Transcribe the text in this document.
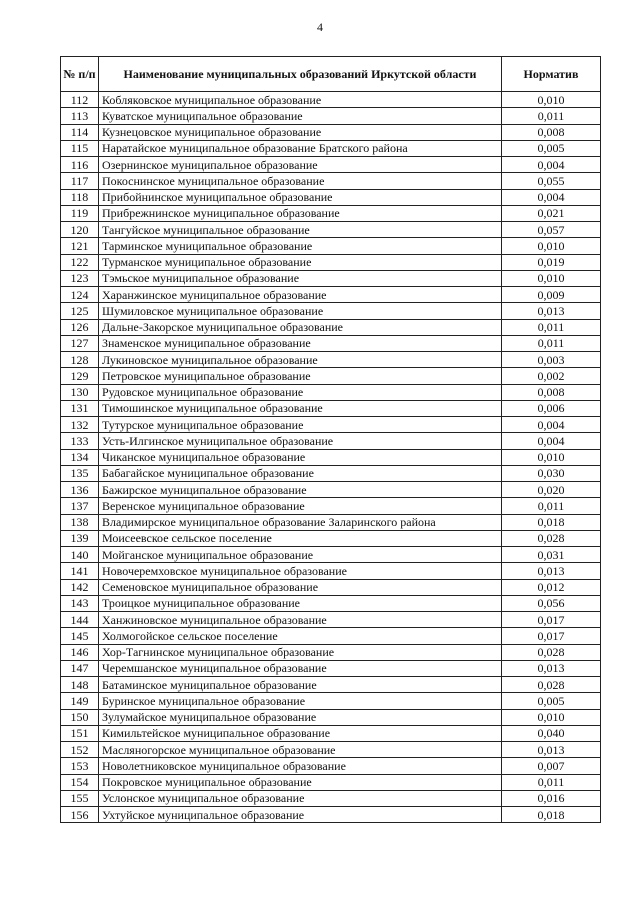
4
№ п/п	Наименование муниципальных образований Иркутской области	Норматив
112	Кобляковское муниципальное образование	0,010
113	Куватское муниципальное образование	0,011
114	Кузнецовское муниципальное образование	0,008
115	Наратайское муниципальное образование Братского района	0,005
116	Озернинское муниципальное образование	0,004
117	Покоснинское муниципальное образование	0,055
118	Прибойнинское муниципальное образование	0,004
119	Прибрежнинское муниципальное образование	0,021
120	Тангуйское муниципальное образование	0,057
121	Тарминское муниципальное образование	0,010
122	Турманское муниципальное образование	0,019
123	Тэмьское муниципальное образование	0,010
124	Харанжинское муниципальное образование	0,009
125	Шумиловское муниципальное образование	0,013
126	Дальне-Закорское муниципальное образование	0,011
127	Знаменское муниципальное образование	0,011
128	Лукиновское муниципальное образование	0,003
129	Петровское муниципальное образование	0,002
130	Рудовское муниципальное образование	0,008
131	Тимошинское муниципальное образование	0,006
132	Тутурское муниципальное образование	0,004
133	Усть-Илгинское муниципальное образование	0,004
134	Чиканское муниципальное образование	0,010
135	Бабагайское муниципальное образование	0,030
136	Бажирское муниципальное образование	0,020
137	Веренское муниципальное образование	0,011
138	Владимирское муниципальное образование Заларинского района	0,018
139	Моисеевское сельское поселение	0,028
140	Мойганское муниципальное образование	0,031
141	Новочеремховское муниципальное образование	0,013
142	Семеновское муниципальное образование	0,012
143	Троицкое муниципальное образование	0,056
144	Ханжиновское муниципальное образование	0,017
145	Холмогойское сельское поселение	0,017
146	Хор-Тагнинское муниципальное образование	0,028
147	Черемшанское муниципальное образование	0,013
148	Батаминское муниципальное образование	0,028
149	Буринское муниципальное образование	0,005
150	Зулумайское муниципальное образование	0,010
151	Кимильтейское муниципальное образование	0,040
152	Масляногорское муниципальное образование	0,013
153	Новолетниковское муниципальное образование	0,007
154	Покровское муниципальное образование	0,011
155	Услонское муниципальное образование	0,016
156	Ухтуйское муниципальное образование	0,018
